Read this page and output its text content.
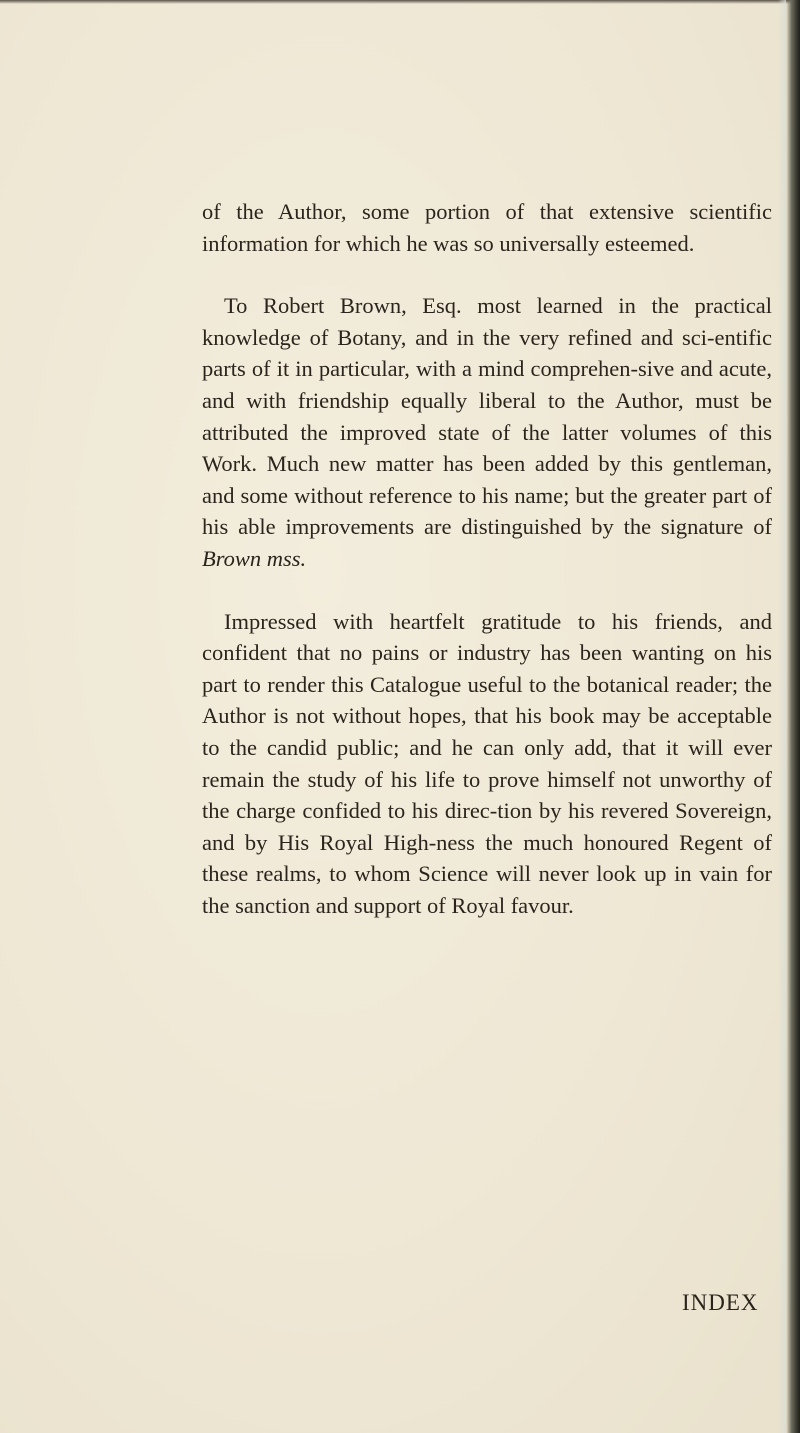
of the Author, some portion of that extensive scientific information for which he was so universally esteemed.

To Robert Brown, Esq. most learned in the practical knowledge of Botany, and in the very refined and sci-entific parts of it in particular, with a mind comprehen-sive and acute, and with friendship equally liberal to the Author, must be attributed the improved state of the latter volumes of this Work. Much new matter has been added by this gentleman, and some without reference to his name; but the greater part of his able improvements are distinguished by the signature of Brown mss.

Impressed with heartfelt gratitude to his friends, and confident that no pains or industry has been wanting on his part to render this Catalogue useful to the botanical reader; the Author is not without hopes, that his book may be acceptable to the candid public; and he can only add, that it will ever remain the study of his life to prove himself not unworthy of the charge confided to his direc-tion by his revered Sovereign, and by His Royal High-ness the much honoured Regent of these realms, to whom Science will never look up in vain for the sanction and support of Royal favour.

INDEX
